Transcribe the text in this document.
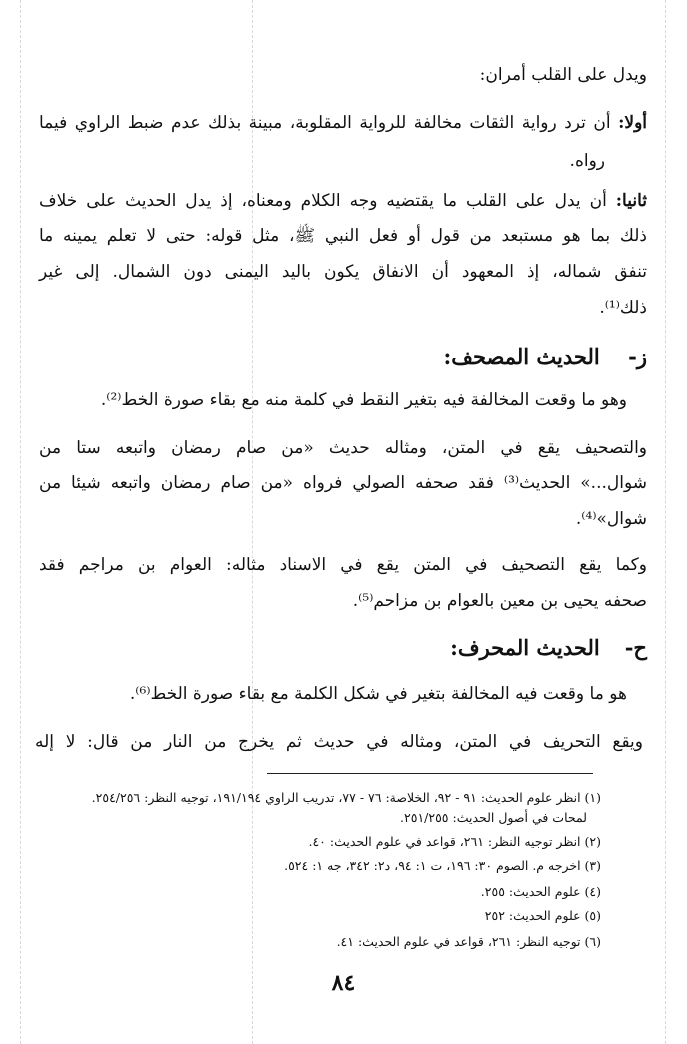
ويدل على القلب أمران:
أولا: أن ترد رواية الثقات مخالفة للرواية المقلوبة، مبينة بذلك عدم ضبط الراوي فيما
رواه.
ثانيا: أن يدل على القلب ما يقتضيه وجه الكلام ومعناه، إذ يدل الحديث على خلاف
ذلك بما هو مستبعد من قول أو فعل النبي ﷺ، مثل قوله: حتى لا تعلم يمينه ما
تنفق شماله، إذ المعهود أن الانفاق يكون باليد اليمنى دون الشمال. إلى غير
ذلك⁽¹⁾.
ز- الحديث المصحف:
وهو ما وقعت المخالفة فيه بتغير النقط في كلمة منه مع بقاء صورة الخط⁽²⁾.
والتصحيف يقع في المتن، ومثاله حديث «من صام رمضان واتبعه ستا من
شوال...» الحديث⁽³⁾ فقد صحفه الصولي فرواه «من صام رمضان واتبعه شيئا من
شوال»⁽⁴⁾.
وكما يقع التصحيف في المتن يقع في الاسناد مثاله: العوام بن مراجم فقد
صحفه يحيى بن معين بالعوام بن مزاحم⁽⁵⁾.
ح- الحديث المحرف:
هو ما وقعت فيه المخالفة بتغير في شكل الكلمة مع بقاء صورة الخط⁽⁶⁾.
ويقع التحريف في المتن، ومثاله في حديث ثم يخرج من النار من قال: لا إله
(١) انظر علوم الحديث: ٩١ - ٩٢، الخلاصة: ٧٦ - ٧٧، تدريب الراوي ١٩١/١٩٤، توجيه النظر: ٢٥٤/٢٥٦.
لمحات في أصول الحديث: ٢٥١/٢٥٥.
(٢) انظر توجيه النظر: ٢٦١، قواعد في علوم الحديث: ٤٠.
(٣) اخرجه م. الصوم ٣٠: ١٩٦، ت ١: ٩٤، د٢: ٣٤٢، جه ١: ٥٢٤.
(٤) علوم الحديث: ٢٥٥.
(٥) علوم الحديث: ٢٥٢
(٦) توجيه النظر: ٢٦١، قواعد في علوم الحديث: ٤١.
٨٤
